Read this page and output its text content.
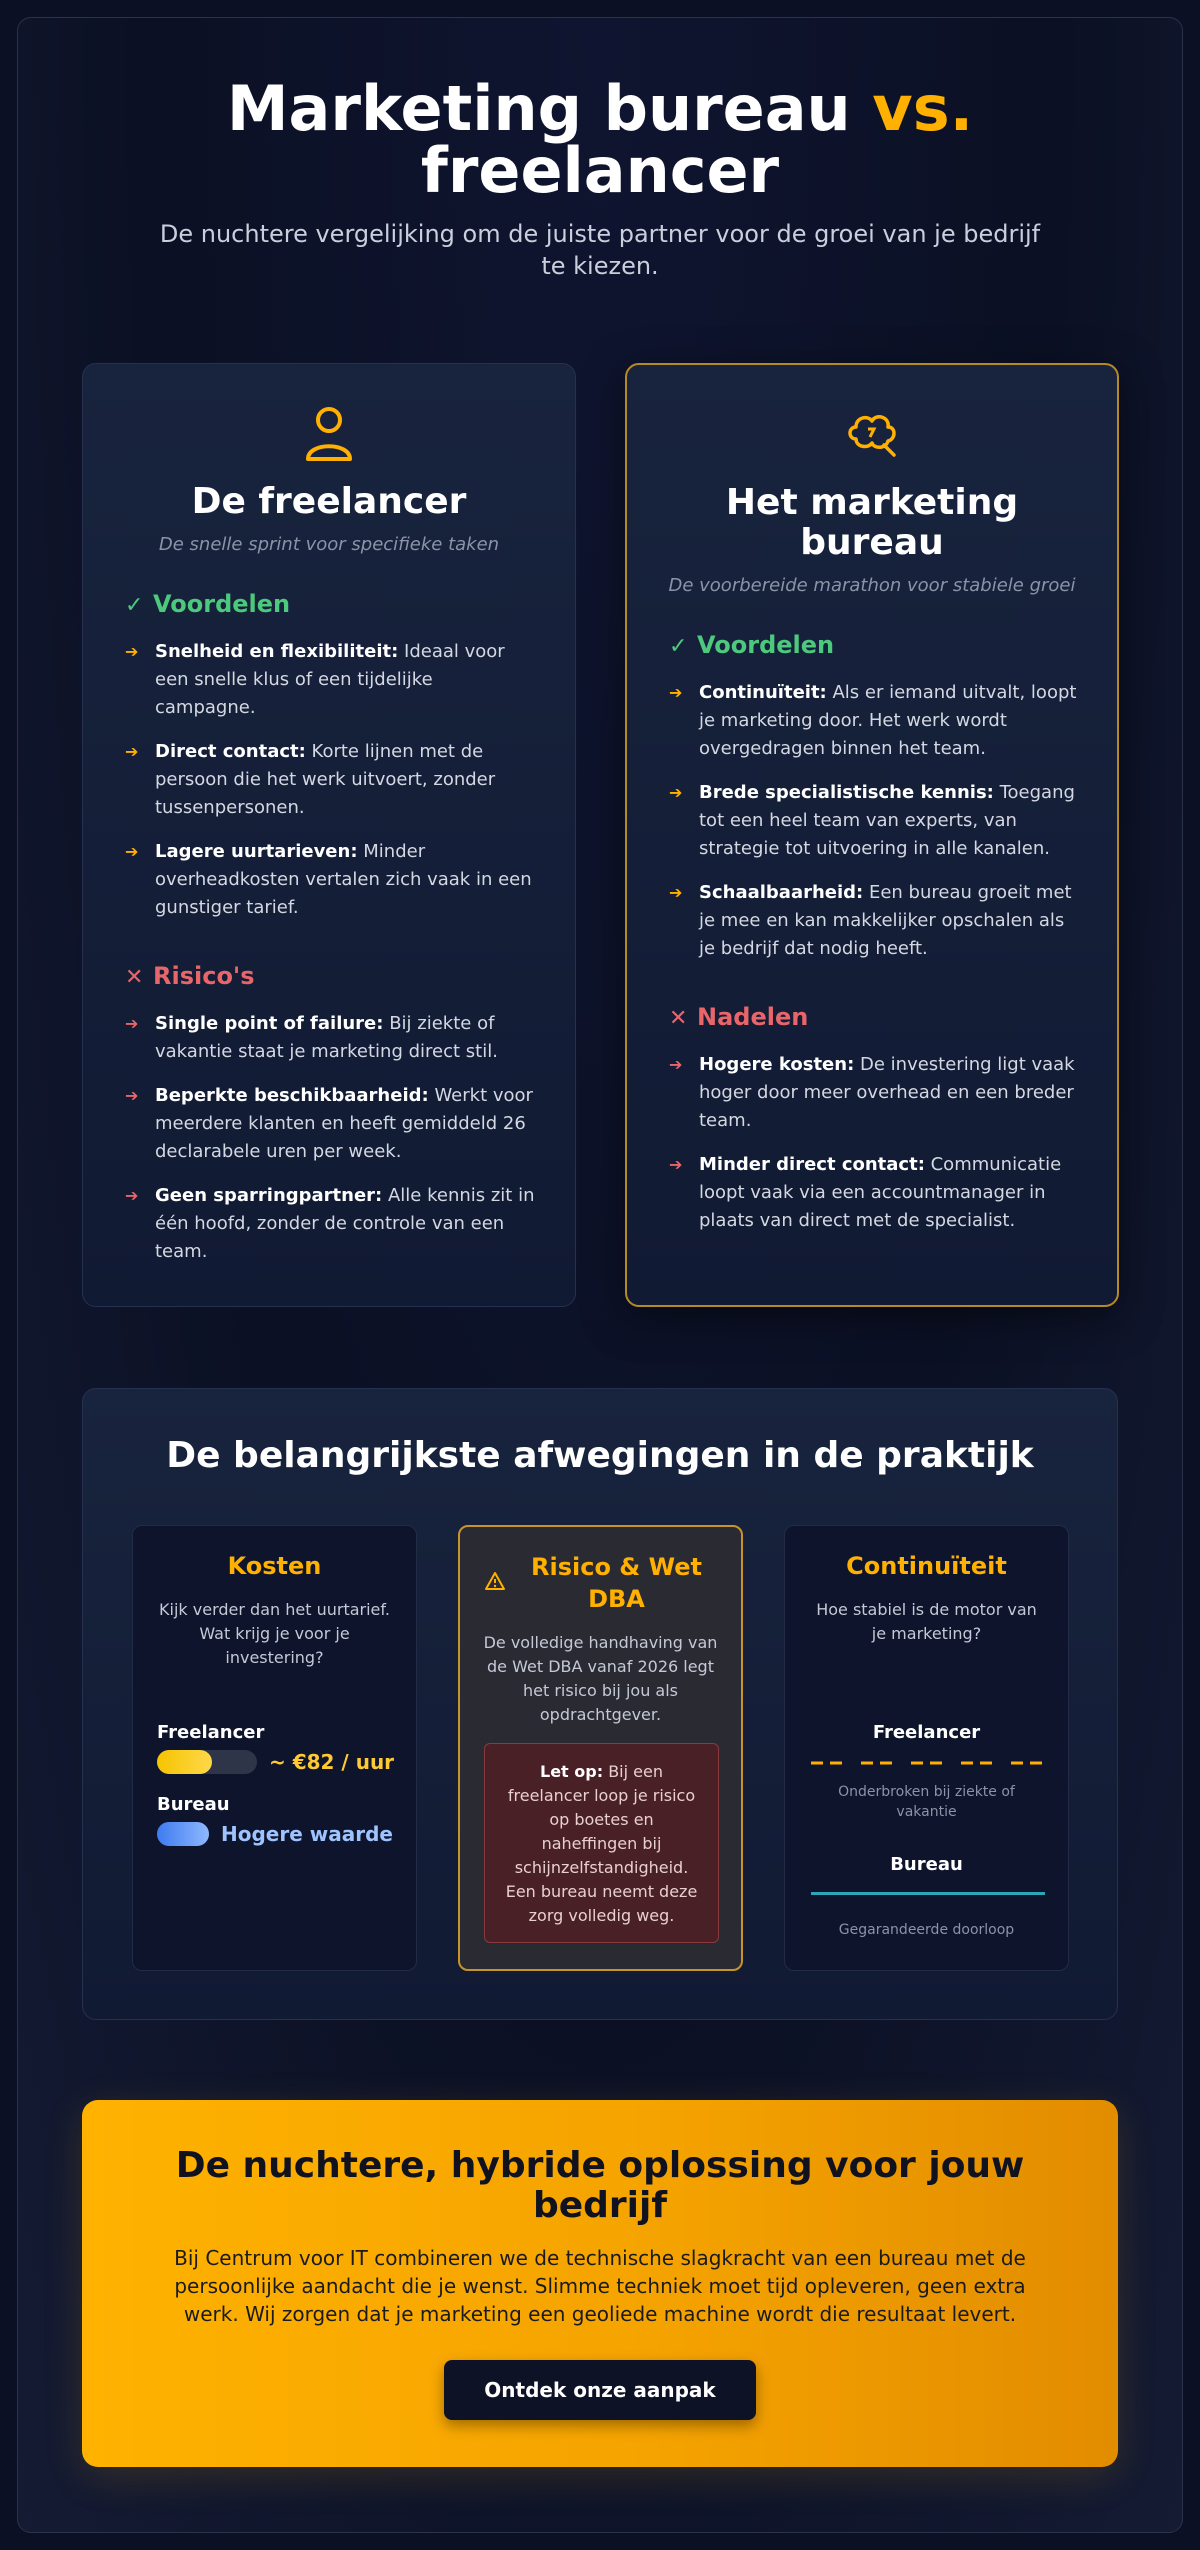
Marketing bureau vs.
freelancer

De nuchtere vergelijking om de juiste partner voor de groei van je bedrijf te kiezen.

De freelancer
De snelle sprint voor specifieke taken
✓ Voordelen
➔ Snelheid en flexibiliteit: Ideaal voor een snelle klus of een tijdelijke campagne.
➔ Direct contact: Korte lijnen met de persoon die het werk uitvoert, zonder tussenpersonen.
➔ Lagere uurtarieven: Minder overheadkosten vertalen zich vaak in een gunstiger tarief.
✕ Risico's
➔ Single point of failure: Bij ziekte of vakantie staat je marketing direct stil.
➔ Beperkte beschikbaarheid: Werkt voor meerdere klanten en heeft gemiddeld 26 declarabele uren per week.
➔ Geen sparringpartner: Alle kennis zit in één hoofd, zonder de controle van een team.
Het marketing bureau
De voorbereide marathon voor stabiele groei
✓ Voordelen
➔ Continuïteit: Als er iemand uitvalt, loopt je marketing door. Het werk wordt overgedragen binnen het team.
➔ Brede specialistische kennis: Toegang tot een heel team van experts, van strategie tot uitvoering in alle kanalen.
➔ Schaalbaarheid: Een bureau groeit met je mee en kan makkelijker opschalen als je bedrijf dat nodig heeft.
✕ Nadelen
➔ Hogere kosten: De investering ligt vaak hoger door meer overhead en een breder team.
➔ Minder direct contact: Communicatie loopt vaak via een accountmanager in plaats van direct met de specialist.
De belangrijkste afwegingen in de praktijk
Kosten
Kijk verder dan het uurtarief. Wat krijg je voor je investering?
Freelancer
~ €82 / uur
Bureau
Hogere waarde
Risico & Wet DBA
De volledige handhaving van de Wet DBA vanaf 2026 legt het risico bij jou als opdrachtgever.
Let op: Bij een freelancer loop je risico op boetes en naheffingen bij schijnzelfstandigheid. Een bureau neemt deze zorg volledig weg.
Continuïteit
Hoe stabiel is de motor van je marketing?
Freelancer
Onderbroken bij ziekte of vakantie
Bureau
Gegarandeerde doorloop
De nuchtere, hybride oplossing voor jouw bedrijf

Bij Centrum voor IT combineren we de technische slagkracht van een bureau met de persoonlijke aandacht die je wenst. Slimme techniek moet tijd opleveren, geen extra werk. Wij zorgen dat je marketing een geoliede machine wordt die resultaat levert.

Ontdek onze aanpak
